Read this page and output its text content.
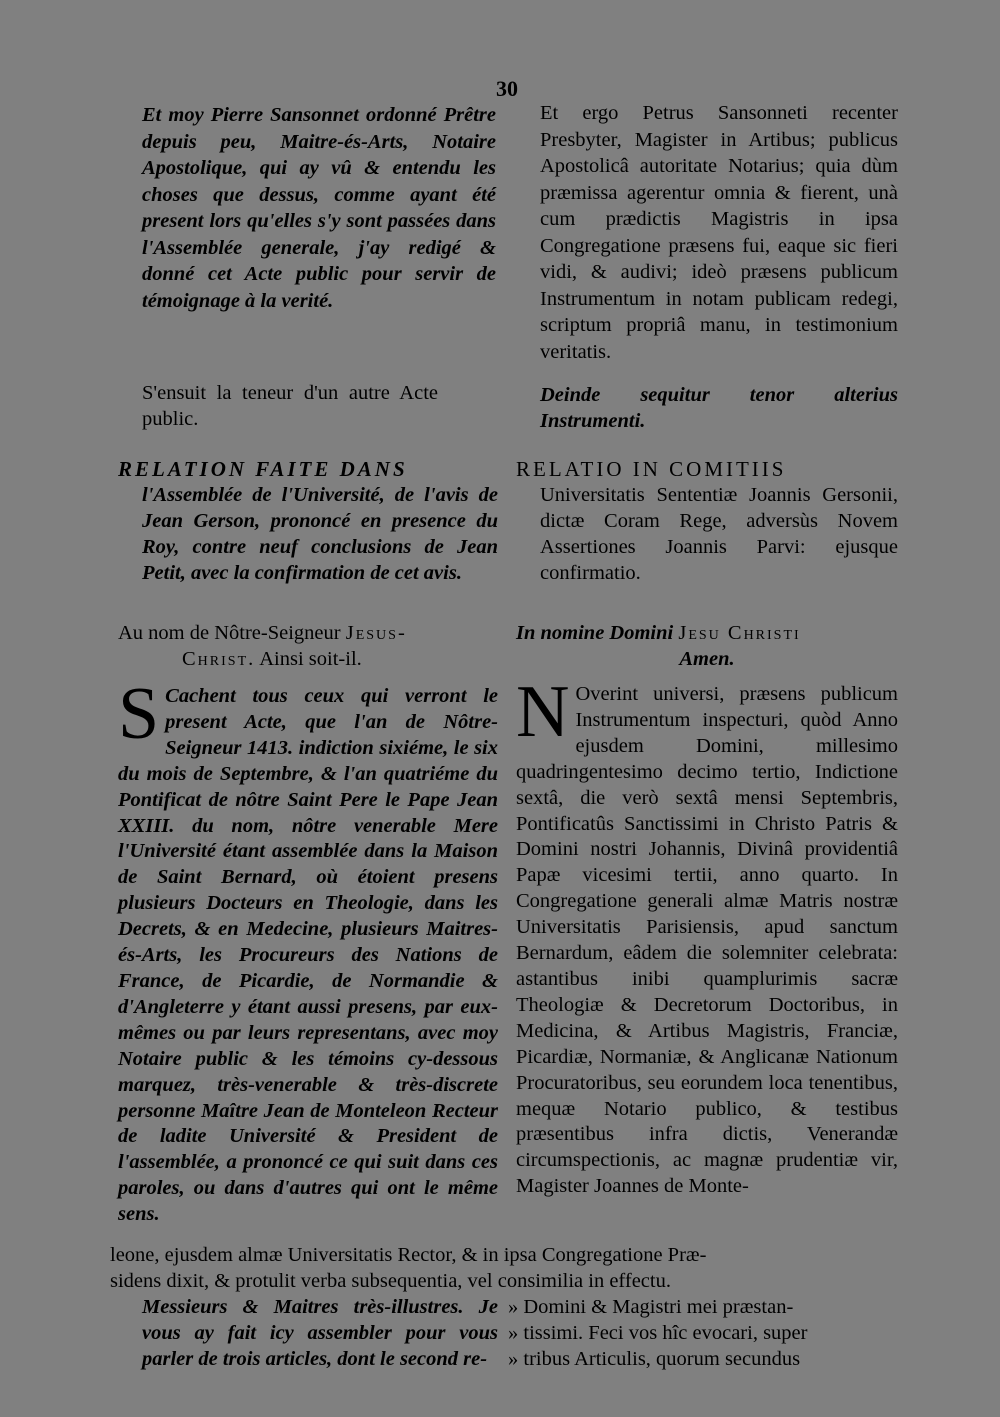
30

Et moy Pierre Sansonnet ordonné Prêtre depuis peu, Maitre-és-Arts, Notaire Apostolique, qui ay vû & entendu les choses que dessus, comme ayant été present lors qu'elles s'y sont passées dans l'Assemblée generale, j'ay redigé & donné cet Acte public pour servir de témoignage à la verité.

Et ergo Petrus Sansonneti recenter Presbyter, Magister in Artibus; publicus Apostolicâ autoritate Notarius; quia dùm præmissa agerentur omnia & fierent, unà cum prædictis Magistris in ipsa Congregatione præsens fui, eaque sic fieri vidi, & audivi; ideò præsens publicum Instrumentum in notam publicam redegi, scriptum propriâ manu, in testimonium veritatis.

S'ensuit la teneur d'un autre Acte public.

Deinde sequitur tenor alterius Instrumenti.

RELATION FAITE DANS

l'Assemblée de l'Université, de l'avis de Jean Gerson, prononcé en presence du Roy, contre neuf conclusions de Jean Petit, avec la confirmation de cet avis.

RELATIO IN COMITIIS

Universitatis Sententiæ Joannis Gersonii, dictæ Coram Rege, adversùs Novem Assertiones Joannis Parvi: ejusque confirmatio.

Au nom de Nôtre-Seigneur Jesus-
Christ. Ainsi soit-il.
In nomine Domini Jesu Christi
Amen.
S Cachent tous ceux qui verront le present Acte, que l'an de Nôtre-Seigneur 1413. indiction sixiéme, le six du mois de Septembre, & l'an quatriéme du Pontificat de nôtre Saint Pere le Pape Jean XXIII. du nom, nôtre venerable Mere l'Université étant assemblée dans la Maison de Saint Bernard, où étoient presens plusieurs Docteurs en Theologie, dans les Decrets, & en Medecine, plusieurs Maitres-és-Arts, les Procureurs des Nations de France, de Picardie, de Normandie & d'Angleterre y étant aussi presens, par eux-mêmes ou par leurs representans, avec moy Notaire public & les témoins cy-dessous marquez, très-venerable & très-discrete personne Maître Jean de Monteleon Recteur de ladite Université & President de l'assemblée, a prononcé ce qui suit dans ces paroles, ou dans d'autres qui ont le même sens.

N Overint universi, præsens publicum Instrumentum inspecturi, quòd Anno ejusdem Domini, millesimo quadringentesimo decimo tertio, Indictione sextâ, die verò sextâ mensi Septembris, Pontificatûs Sanctissimi in Christo Patris & Domini nostri Johannis, Divinâ providentiâ Papæ vicesimi tertii, anno quarto. In Congregatione generali almæ Matris nostræ Universitatis Parisiensis, apud sanctum Bernardum, eâdem die solemniter celebrata: astantibus inibi quamplurimis sacræ Theologiæ & Decretorum Doctoribus, in Medicina, & Artibus Magistris, Franciæ, Picardiæ, Normaniæ, & Anglicanæ Nationum Procuratoribus, seu eorundem loca tenentibus, mequæ Notario publico, & testibus præsentibus infra dictis, Venerandæ circumspectionis, ac magnæ prudentiæ vir, Magister Joannes de Monte-

leone, ejusdem almæ Universitatis Rector, & in ipsa Congregatione Præ-
sidens dixit, & protulit verba subsequentia, vel consimilia in effectu.

Messieurs & Maitres très-illustres. Je vous ay fait icy assembler pour vous parler de trois articles, dont le second re-

» Domini & Magistri mei præstan-
» tissimi. Feci vos hîc evocari, super
» tribus Articulis, quorum secundus
